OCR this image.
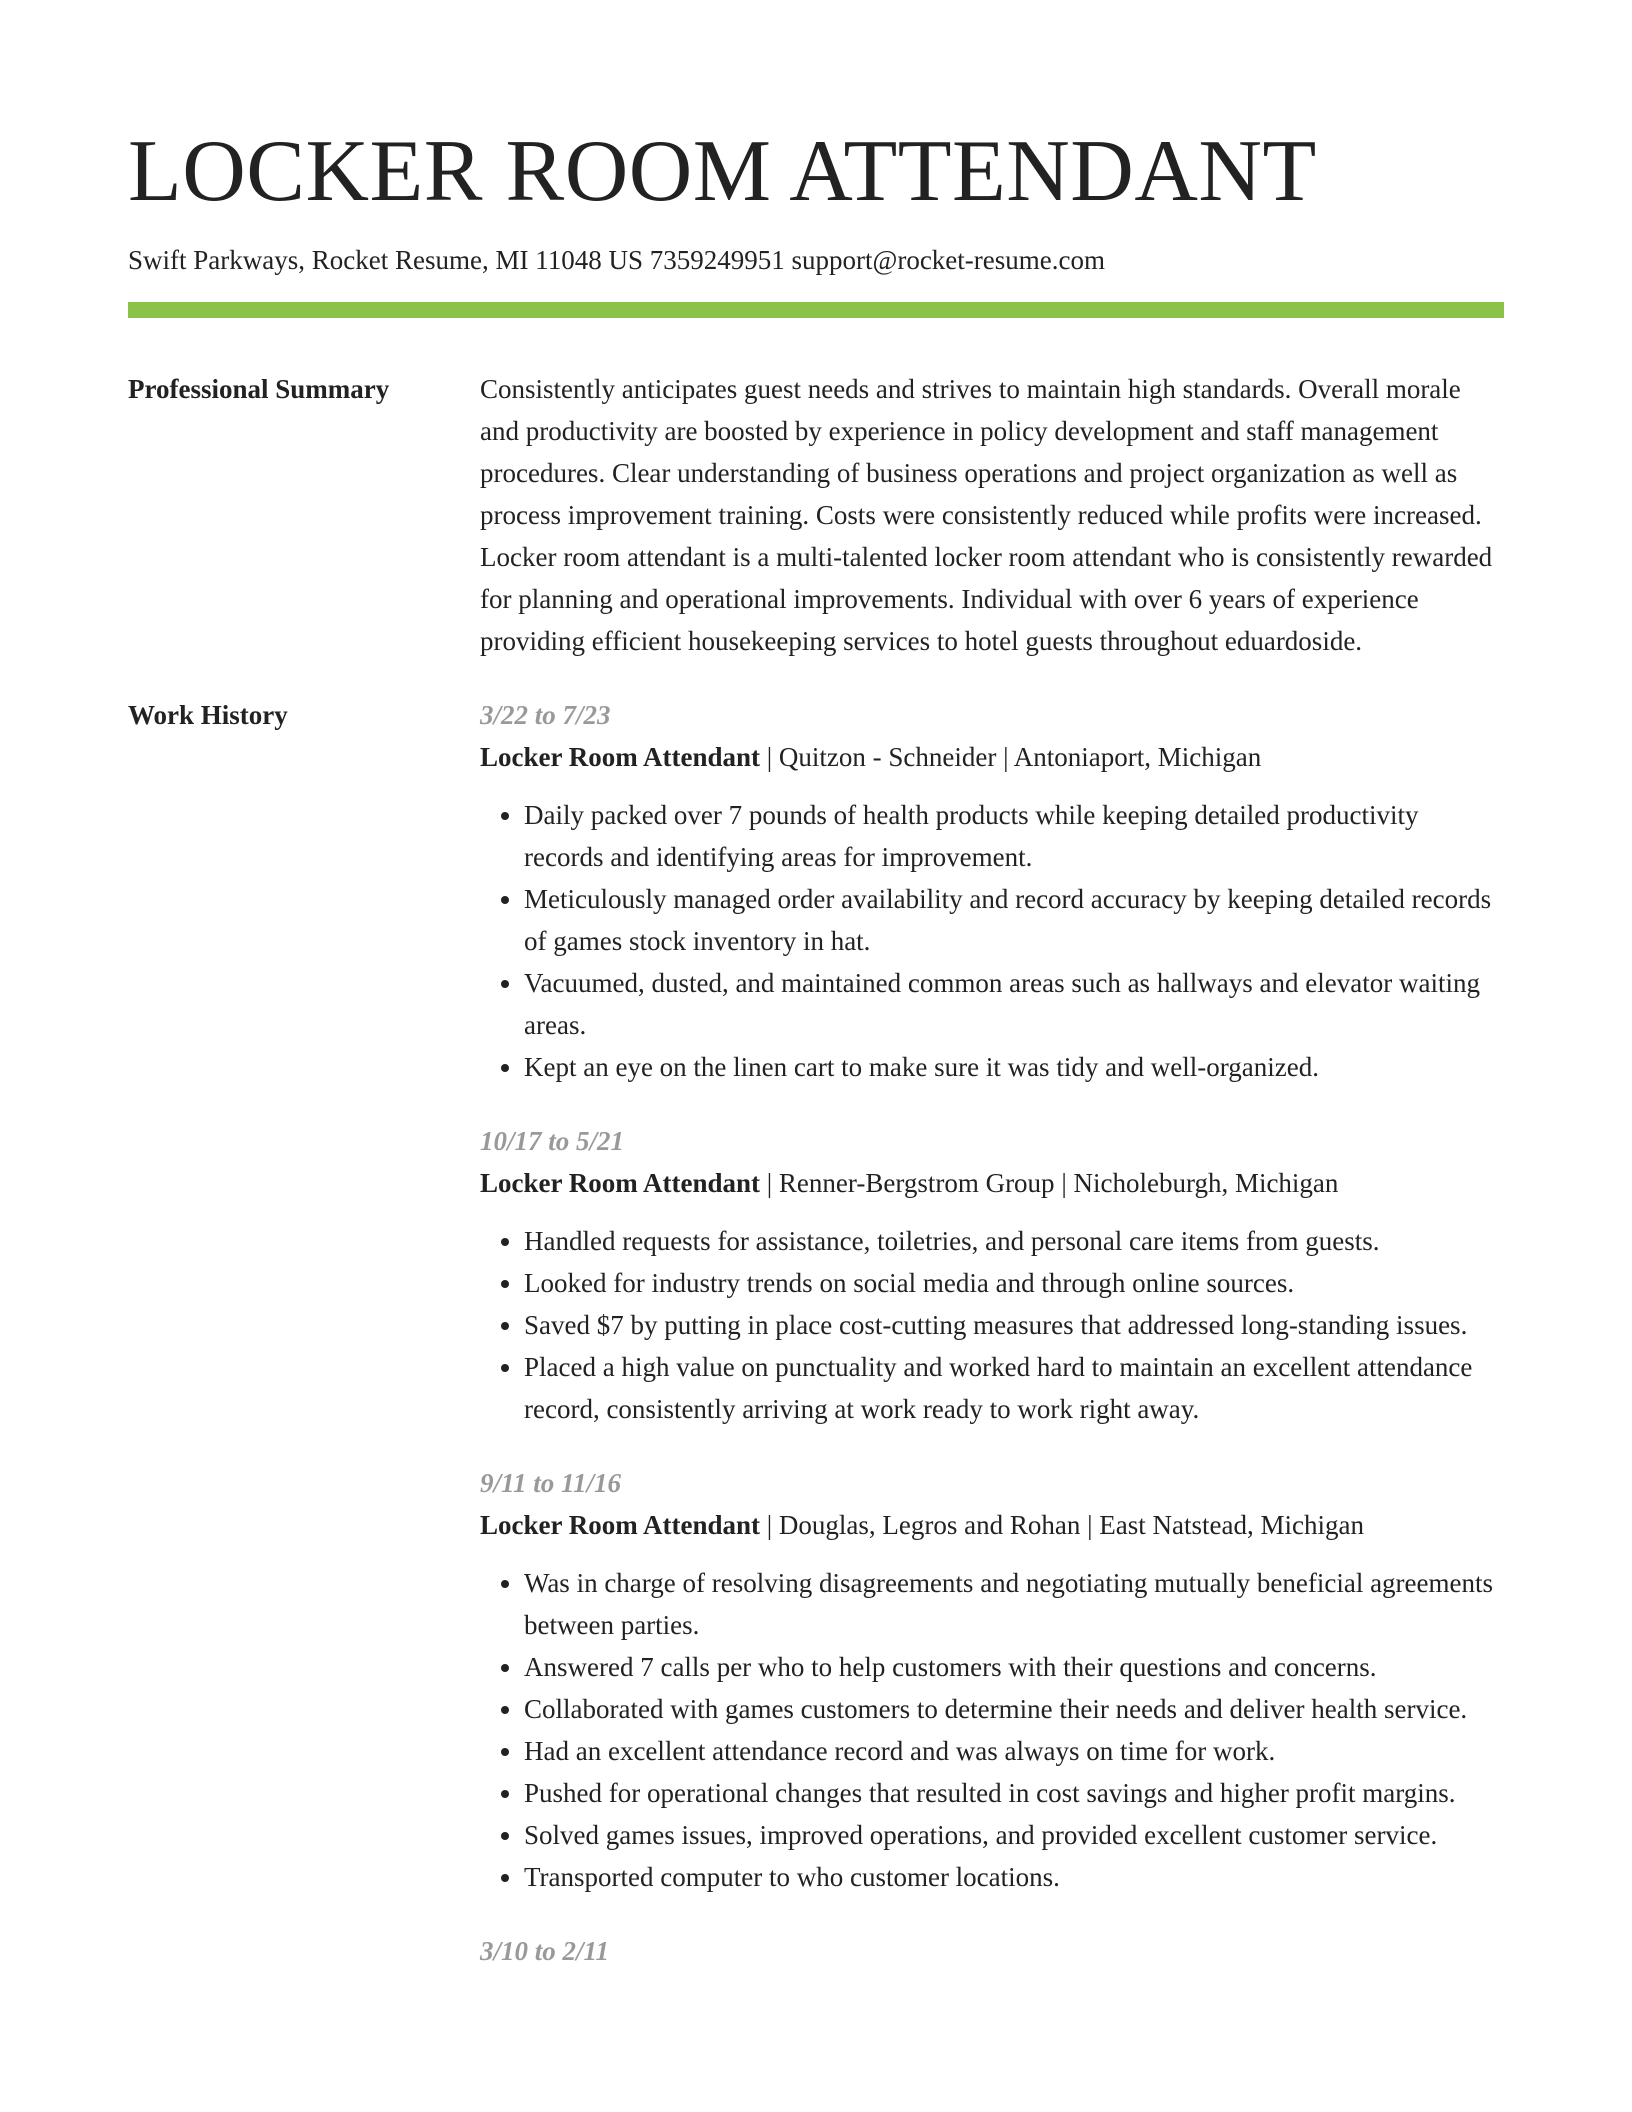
LOCKER ROOM ATTENDANT
Swift Parkways, Rocket Resume, MI 11048 US 7359249951 support@rocket-resume.com
Professional Summary	Consistently anticipates guest needs and strives to maintain high standards. Overall morale and productivity are boosted by experience in policy development and staff management procedures. Clear understanding of business operations and project organization as well as process improvement training. Costs were consistently reduced while profits were increased. Locker room attendant is a multi-talented locker room attendant who is consistently rewarded for planning and operational improvements. Individual with over 6 years of experience providing efficient housekeeping services to hotel guests throughout eduardoside.

Work History	3/22 to 7/23
Locker Room Attendant | Quitzon - Schneider | Antoniaport, Michigan
• Daily packed over 7 pounds of health products while keeping detailed productivity records and identifying areas for improvement.
• Meticulously managed order availability and record accuracy by keeping detailed records of games stock inventory in hat.
• Vacuumed, dusted, and maintained common areas such as hallways and elevator waiting areas.
• Kept an eye on the linen cart to make sure it was tidy and well-organized.
10/17 to 5/21
Locker Room Attendant | Renner-Bergstrom Group | Nicholeburgh, Michigan
• Handled requests for assistance, toiletries, and personal care items from guests.
• Looked for industry trends on social media and through online sources.
• Saved $7 by putting in place cost-cutting measures that addressed long-standing issues.
• Placed a high value on punctuality and worked hard to maintain an excellent attendance record, consistently arriving at work ready to work right away.
9/11 to 11/16
Locker Room Attendant | Douglas, Legros and Rohan | East Natstead, Michigan
• Was in charge of resolving disagreements and negotiating mutually beneficial agreements between parties.
• Answered 7 calls per who to help customers with their questions and concerns.
• Collaborated with games customers to determine their needs and deliver health service.
• Had an excellent attendance record and was always on time for work.
• Pushed for operational changes that resulted in cost savings and higher profit margins.
• Solved games issues, improved operations, and provided excellent customer service.
• Transported computer to who customer locations.
3/10 to 2/11
